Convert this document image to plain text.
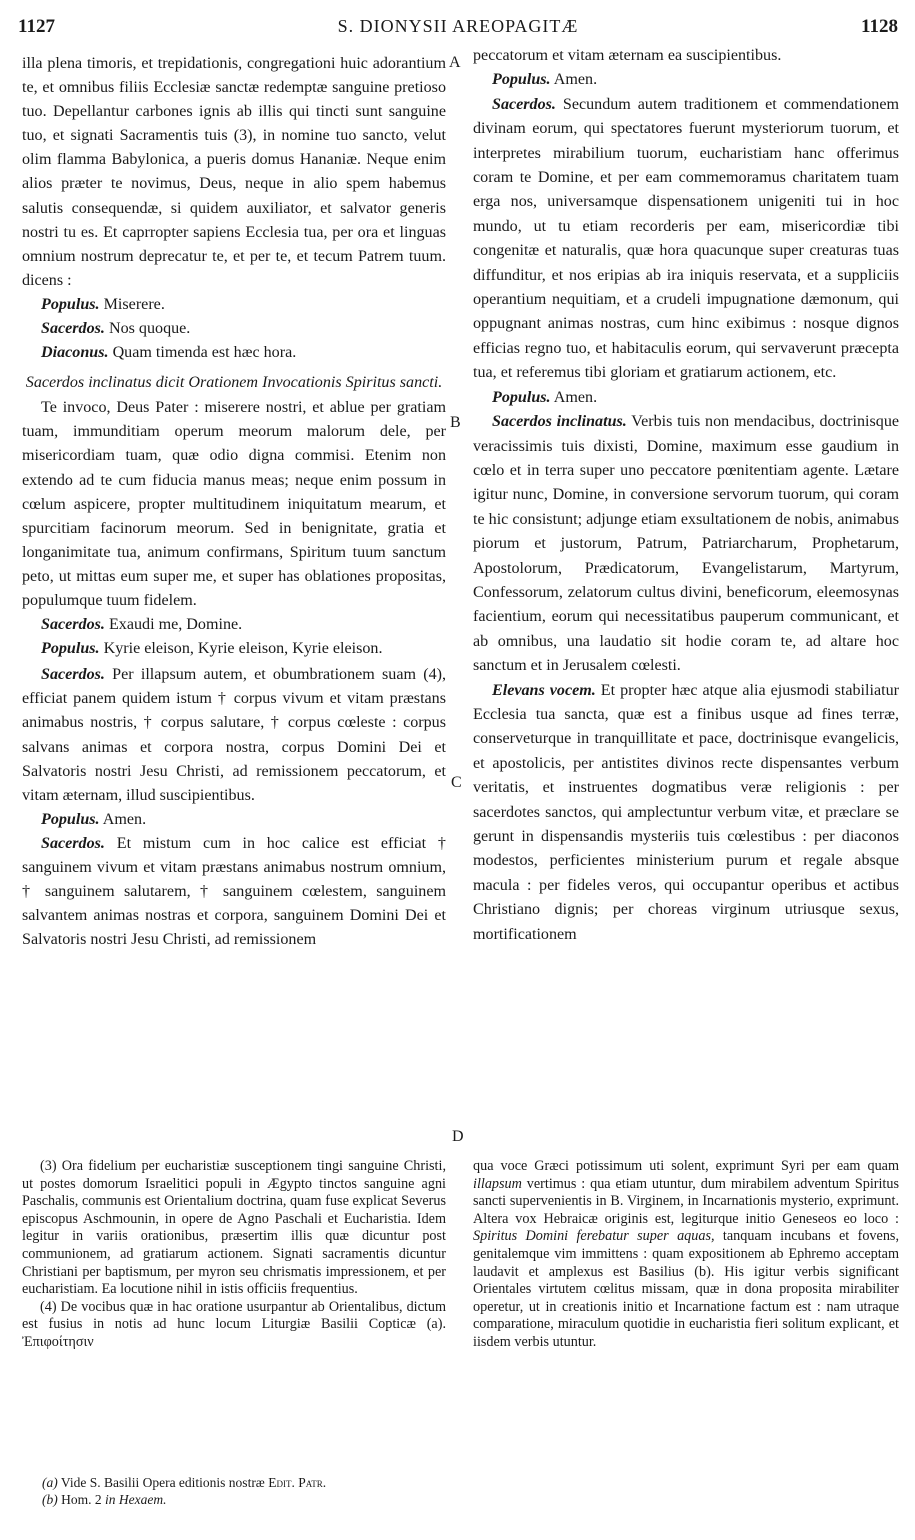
1127	S. DIONYSII AREOPAGITÆ	1128
A
B
C
D

illa plena timoris, et trepidationis, congregationi huic adorantium te, et omnibus filiis Ecclesiæ sanctæ redemptæ sanguine pretioso tuo. Depellantur carbones ignis ab illis qui tincti sunt sanguine tuo, et signati Sacramentis tuis (3), in nomine tuo sancto, velut olim flamma Babylonica, a pueris domus Hananiæ. Neque enim alios præter te novimus, Deus, neque in alio spem habemus salutis consequendæ, si quidem auxiliator, et salvator generis nostri tu es. Et caprropter sapiens Ecclesia tua, per ora et linguas omnium nostrum deprecatur te, et per te, et tecum Patrem tuum. dicens :

Populus. Miserere.

Sacerdos. Nos quoque.

Diaconus. Quam timenda est hæc hora.

Sacerdos inclinatus dicit Orationem Invocationis Spiritus sancti.

Te invoco, Deus Pater : miserere nostri, et ablue per gratiam tuam, immunditiam operum meorum malorum dele, per misericordiam tuam, quæ odio digna commisi. Etenim non extendo ad te cum fiducia manus meas; neque enim possum in cœlum aspicere, propter multitudinem iniquitatum mearum, et spurcitiam facinorum meorum. Sed in benignitate, gratia et longanimitate tua, animum confirmans, Spiritum tuum sanctum peto, ut mittas eum super me, et super has oblationes propositas, populumque tuum fidelem.

Sacerdos. Exaudi me, Domine.

Populus. Kyrie eleison, Kyrie eleison, Kyrie eleison.

Sacerdos. Per illapsum autem, et obumbrationem suam (4), efficiat panem quidem istum † corpus vivum et vitam præstans animabus nostris, † corpus salutare, † corpus cœleste : corpus salvans animas et corpora nostra, corpus Domini Dei et Salvatoris nostri Jesu Christi, ad remissionem peccatorum, et vitam æternam, illud suscipientibus.

Populus. Amen.

Sacerdos. Et mistum cum in hoc calice est efficiat † sanguinem vivum et vitam præstans animabus nostrum omnium, † sanguinem salutarem, † sanguinem cœlestem, sanguinem salvantem animas nostras et corpora, sanguinem Domini Dei et Salvatoris nostri Jesu Christi, ad remissionem

peccatorum et vitam æternam ea suscipientibus.

Populus. Amen.

Sacerdos. Secundum autem traditionem et commendationem divinam eorum, qui spectatores fuerunt mysteriorum tuorum, et interpretes mirabilium tuorum, eucharistiam hanc offerimus coram te Domine, et per eam commemoramus charitatem tuam erga nos, universamque dispensationem unigeniti tui in hoc mundo, ut tu etiam recorderis per eam, misericordiæ tibi congenitæ et naturalis, quæ hora quacunque super creaturas tuas diffunditur, et nos eripias ab ira iniquis reservata, et a suppliciis operantium nequitiam, et a crudeli impugnatione dæmonum, qui oppugnant animas nostras, cum hinc exibimus : nosque dignos efficias regno tuo, et habitaculis eorum, qui servaverunt præcepta tua, et referemus tibi gloriam et gratiarum actionem, etc.

Populus. Amen.

Sacerdos inclinatus. Verbis tuis non mendacibus, doctrinisque veracissimis tuis dixisti, Domine, maximum esse gaudium in cœlo et in terra super uno peccatore pœnitentiam agente. Lætare igitur nunc, Domine, in conversione servorum tuorum, qui coram te hic consistunt; adjunge etiam exsultationem de nobis, animabus piorum et justorum, Patrum, Patriarcharum, Prophetarum, Apostolorum, Prædicatorum, Evangelistarum, Martyrum, Confessorum, zelatorum cultus divini, beneficorum, eleemosynas facientium, eorum qui necessitatibus pauperum communicant, et ab omnibus, una laudatio sit hodie coram te, ad altare hoc sanctum et in Jerusalem cœlesti.

Elevans vocem. Et propter hæc atque alia ejusmodi stabiliatur Ecclesia tua sancta, quæ est a finibus usque ad fines terræ, conserveturque in tranquillitate et pace, doctrinisque evangelicis, et apostolicis, per antistites divinos recte dispensantes verbum veritatis, et instruentes dogmatibus veræ religionis : per sacerdotes sanctos, qui amplectuntur verbum vitæ, et præclare se gerunt in dispensandis mysteriis tuis cœlestibus : per diaconos modestos, perficientes ministerium purum et regale absque macula : per fideles veros, qui occupantur operibus et actibus Christiano dignis; per choreas virginum utriusque sexus, mortificationem

(3) Ora fidelium per eucharistiæ susceptionem tingi sanguine Christi, ut postes domorum Israelitici populi in Ægypto tinctos sanguine agni Paschalis, communis est Orientalium doctrina, quam fuse explicat Severus episcopus Aschmounin, in opere de Agno Paschali et Eucharistia. Idem legitur in variis orationibus, præsertim illis quæ dicuntur post communionem, ad gratiarum actionem. Signati sacramentis dicuntur Christiani per baptismum, per myron seu chrismatis impressionem, et per eucharistiam. Ea locutione nihil in istis officiis frequentius.

(4) De vocibus quæ in hac oratione usurpantur ab Orientalibus, dictum est fusius in notis ad hunc locum Liturgiæ Basilii Copticæ (a). Ἐπιφοίτησιν

qua voce Græci potissimum uti solent, exprimunt Syri per eam quam illapsum vertimus : qua etiam utuntur, dum mirabilem adventum Spiritus sancti supervenientis in B. Virginem, in Incarnationis mysterio, exprimunt. Altera vox Hebraicæ originis est, legiturque initio Geneseos eo loco : Spiritus Domini ferebatur super aquas, tanquam incubans et fovens, genitalemque vim immittens : quam expositionem ab Ephremo acceptam laudavit et amplexus est Basilius (b). His igitur verbis significant Orientales virtutem cœlitus missam, quæ in dona proposita mirabiliter operetur, ut in creationis initio et Incarnatione factum est : nam utraque comparatione, miraculum quotidie in eucharistia fieri solitum explicant, et iisdem verbis utuntur.

(a) Vide S. Basilii Opera editionis nostræ Edit. Patr.
(b) Hom. 2 in Hexaem.
